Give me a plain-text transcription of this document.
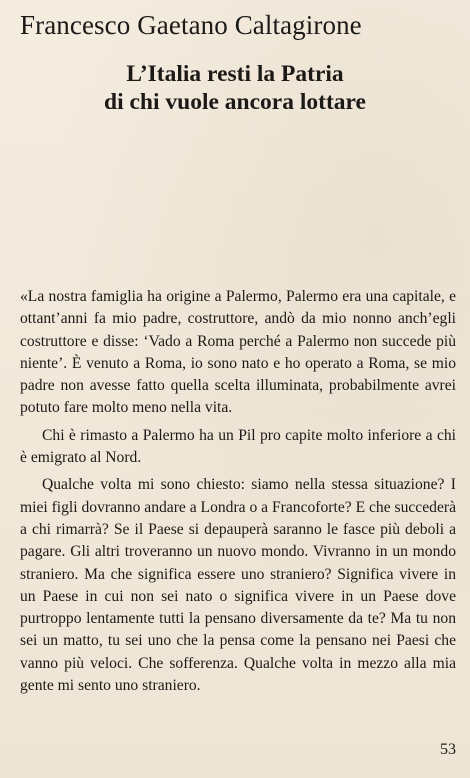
Francesco Gaetano Caltagirone
L’Italia resti la Patria
di chi vuole ancora lottare

«La nostra famiglia ha origine a Palermo, Palermo era una capitale, e ottant’anni fa mio padre, costruttore, andò da mio nonno anch’egli costruttore e disse: ‘Vado a Roma perché a Palermo non succede più niente’. È venuto a Roma, io sono nato e ho operato a Roma, se mio padre non avesse fatto quella scelta illuminata, probabilmente avrei potuto fare molto meno nella vita.

Chi è rimasto a Palermo ha un Pil pro capite molto inferiore a chi è emigrato al Nord.

Qualche volta mi sono chiesto: siamo nella stessa situazione? I miei figli dovranno andare a Londra o a Francoforte? E che succederà a chi rimarrà? Se il Paese si depauperà saranno le fasce più deboli a pagare. Gli altri troveranno un nuovo mondo. Vivranno in un mondo straniero. Ma che significa essere uno straniero? Significa vivere in un Paese in cui non sei nato o significa vivere in un Paese dove purtroppo lentamente tutti la pensano diversamente da te? Ma tu non sei un matto, tu sei uno che la pensa come la pensano nei Paesi che vanno più veloci. Che sofferenza. Qualche volta in mezzo alla mia gente mi sento uno straniero.

53
